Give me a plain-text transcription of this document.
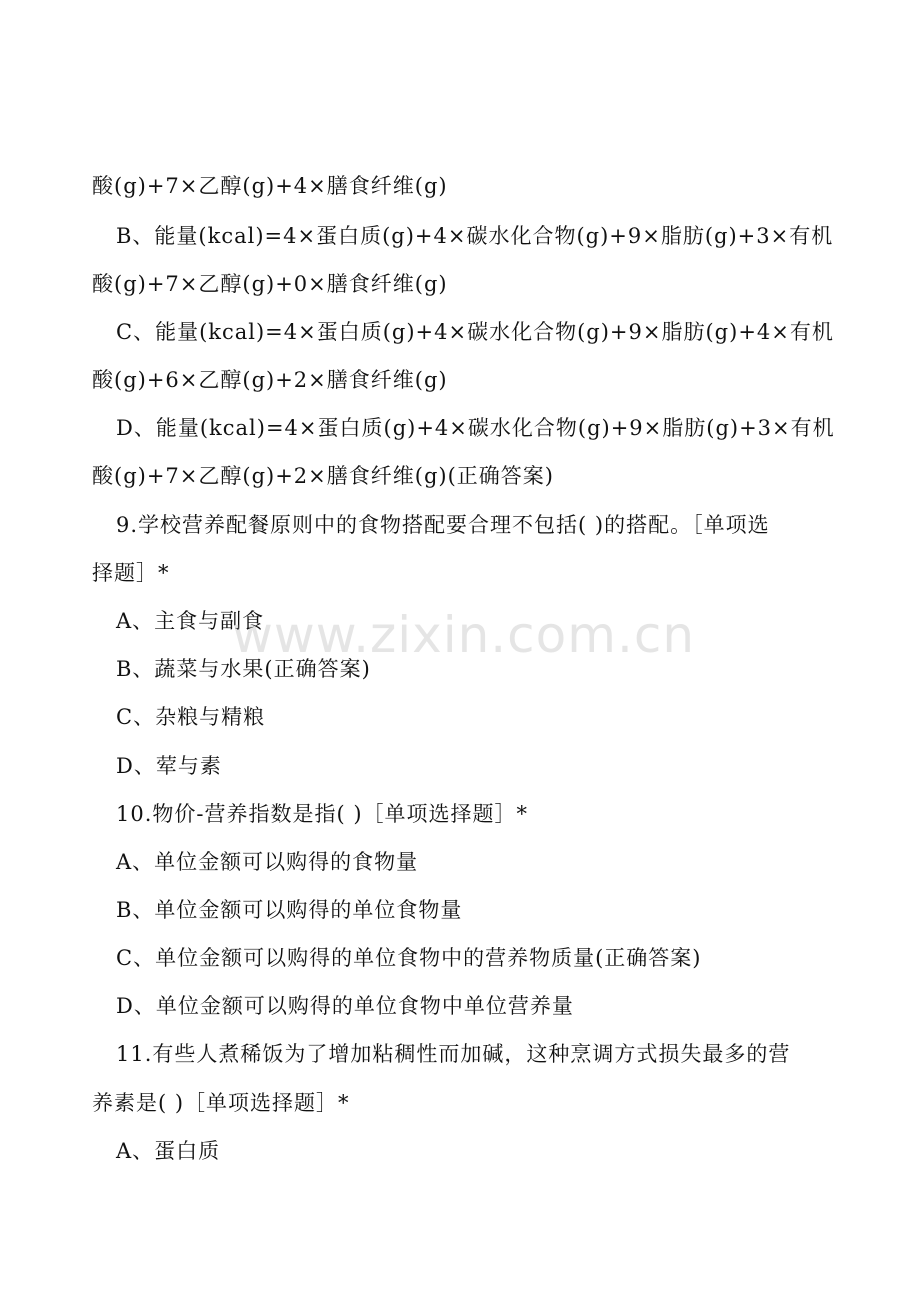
酸(g)+7×乙醇(g)+4×膳食纤维(g)
B、能量(kcal)=4×蛋白质(g)+4×碳水化合物(g)+9×脂肪(g)+3×有机
酸(g)+7×乙醇(g)+0×膳食纤维(g)
C、能量(kcal)=4×蛋白质(g)+4×碳水化合物(g)+9×脂肪(g)+4×有机
酸(g)+6×乙醇(g)+2×膳食纤维(g)
D、能量(kcal)=4×蛋白质(g)+4×碳水化合物(g)+9×脂肪(g)+3×有机
酸(g)+7×乙醇(g)+2×膳食纤维(g)(正确答案)
9.学校营养配餐原则中的食物搭配要合理不包括( )的搭配。［单项选
择题］*
A、主食与副食
B、蔬菜与水果(正确答案)
C、杂粮与精粮
D、荤与素
10.物价-营养指数是指( )［单项选择题］*
A、单位金额可以购得的食物量
B、单位金额可以购得的单位食物量
C、单位金额可以购得的单位食物中的营养物质量(正确答案)
D、单位金额可以购得的单位食物中单位营养量
11.有些人煮稀饭为了增加粘稠性而加碱，这种烹调方式损失最多的营
养素是( )［单项选择题］*
A、蛋白质
www.zixin.com.cn
